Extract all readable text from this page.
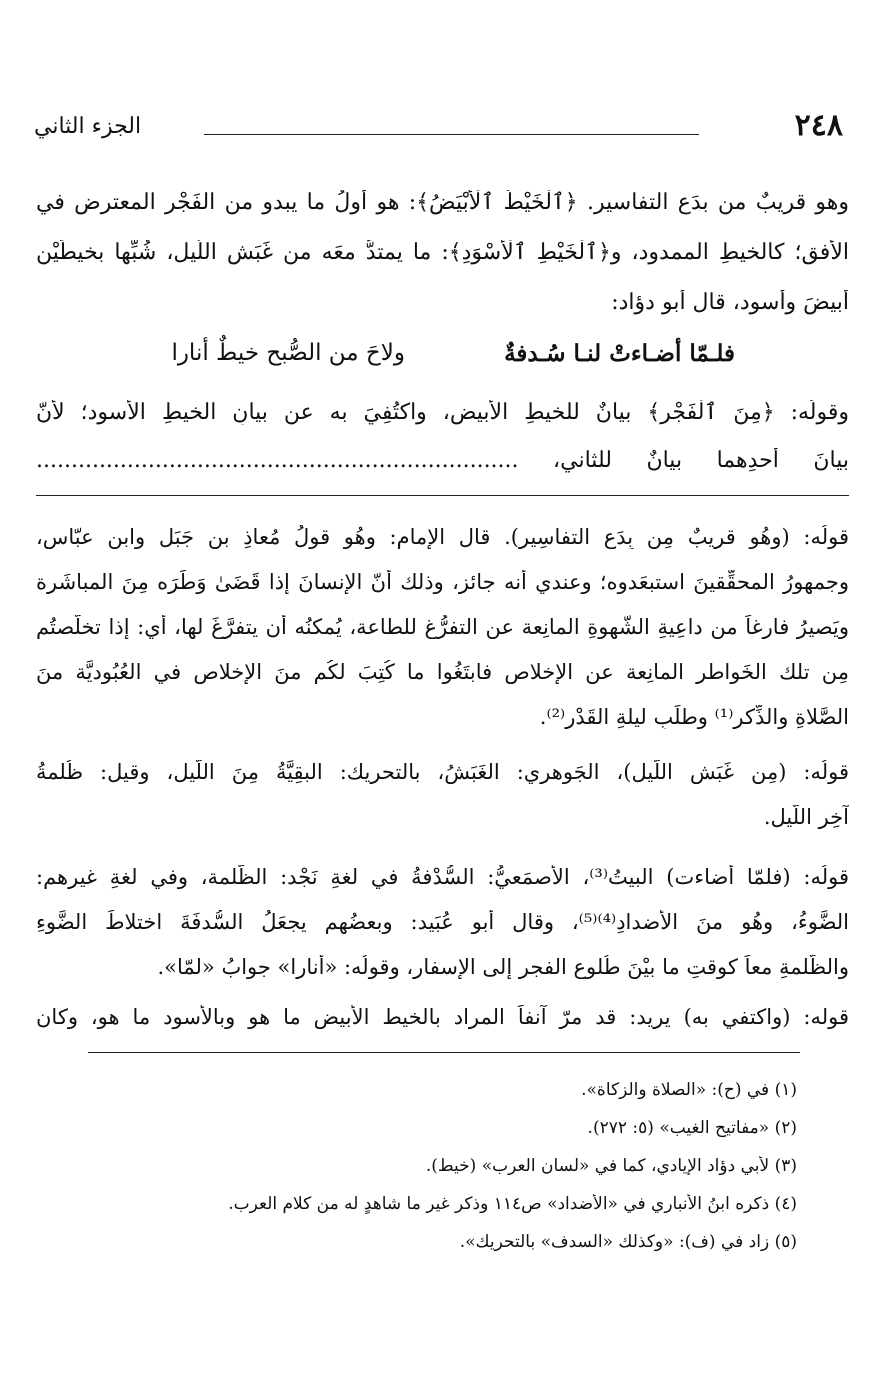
٢٤٨
الجزء الثاني
وهو قريبٌ من بدَع التفاسير. ﴿ٱلْخَيْطُ ٱلْأَبْيَضُ﴾: هو أولُ ما يبدو من الفَجْرِ المعترضِ في
الأُفق؛ كالخيطِ الممدود، و﴿ٱلْخَيْطِ ٱلْأَسْوَدِ﴾: ما يمتدُّ معَه من غَبَشِ اللّيل، شُبِّها بخيطَيْنِ
أبيضَ وأسود، قال أبو دؤاد:
فلـمّا أضـاءتْ لنـا سُـدفةٌ
ولاحَ من الصُّبح خيطٌ أنارا
وقولُه: ﴿مِنَ ٱلْفَجْرِ﴾ بيانٌ للخيطِ الأبيض، واكتُفِيَ به عن بيانِ الخيطِ الأسود؛ لأنّ
بيانَ أحدِهما بيانٌ للثاني، .....................................................................
قولُه: (وهُو قريبٌ مِن بِدَعِ التفاسِير). قال الإمام: وهُو قولُ مُعاذِ بن جَبَل وابنِ عبّاس،
وجمهورُ المحقِّقينَ استبعَدوه؛ وعندي أنه جائز، وذلك أنّ الإنسانَ إذا قَضَىٰ وَطَرَه مِنَ المباشَرة
ويَصيرُ فارِغاً من داعِيةِ الشَّهوةِ المانِعة عنِ التفرُّغِ للطاعة، يُمكنُه أن يتفرَّغَ لها، أي: إذا تخلَّصتُم
مِن تلك الخَواطرِ المانِعة عنِ الإخلاص فابتَغُوا ما كُتِبَ لكُم منَ الإخلاصِ في العُبُوديَّة منَ
الصَّلاةِ والذِّكرِ⁽¹⁾ وطلَبِ ليلةِ القَدْرِ⁽²⁾.
قولُه: (مِن غَبَشِ اللَّيل)، الجَوهري: الغَبَشُ، بالتحريك: البقِيَّةُ مِنَ اللَّيل، وقيل: ظُلمةُ
آخِرِ اللَّيل.
قولُه: (فلمّا أضاءت) البيتُ⁽³⁾، الأصمَعيُّ: السُّدْفةُ في لغةِ نَجْد: الظُّلمة، وفي لغةِ غيرِهم:
الضَّوءُ، وهُو منَ الأضدادِ⁽⁴⁾⁽⁵⁾، وقال أبو عُبَيد: وبعضُهم يجعَلُ السُّدفَةَ اختلاطَ الضَّوءِ
والظُّلمةِ معاً كوقتِ ما بيْنَ طُلوعِ الفجرِ إلى الإسفار، وقولُه: «أنارا» جوابُ «لمّا».
قوله: (واكتفي به) يريد: قد مرّ آنفاً المراد بالخيط الأبيض ما هو وبالأسود ما هو، وكان
(١) في (ح): «الصلاة والزكاة».
(٢) «مفاتيح الغيب» (٥: ٢٧٢).
(٣) لأبي دؤاد الإيادي، كما في «لسان العرب» (خيط).
(٤) ذكره ابنُ الأنباري في «الأضداد» ص١١٤ وذكر غير ما شاهدٍ له من كلام العرب.
(٥) زاد في (ف): «وكذلك «السدف» بالتحريك».
